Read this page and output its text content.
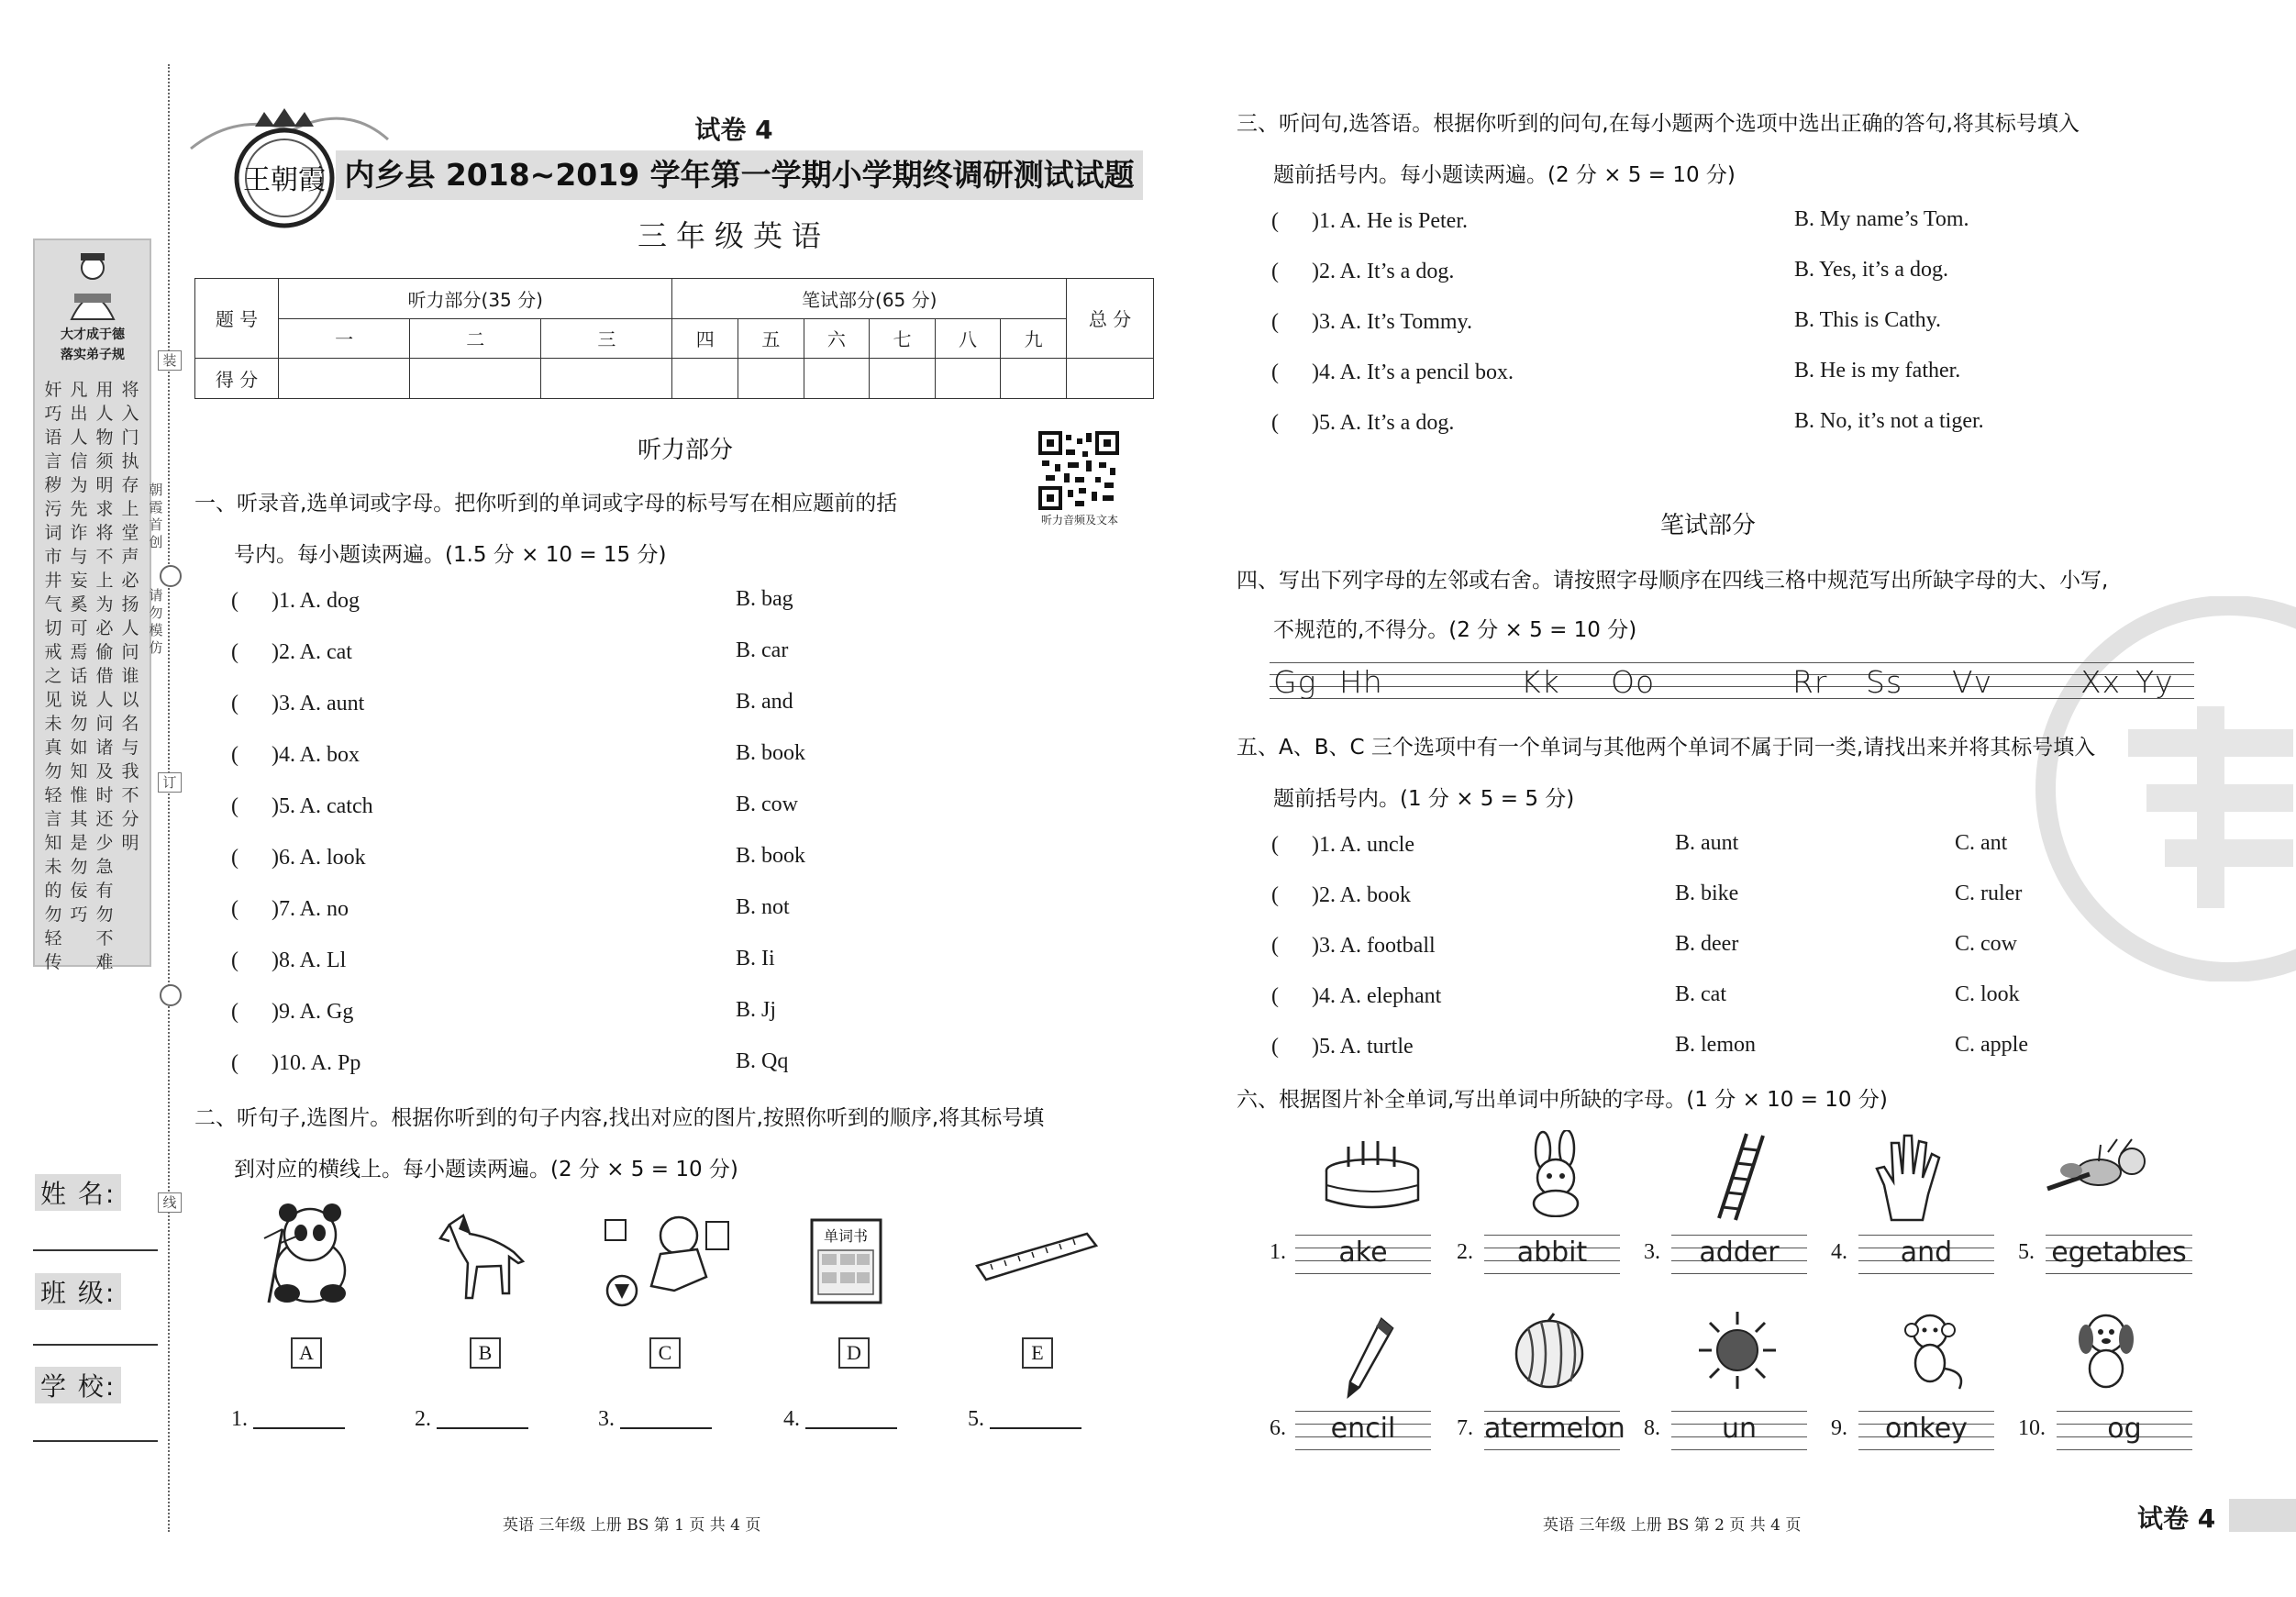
大才成于德
落实弟子规
奸巧语言秽污词市井气切戒之见未真勿轻言知未的勿轻传
凡出人信为先诈与妄奚可焉话说勿如知惟其是勿佞巧
用人物须明求将不上为必偷借人问诸及时还少急有勿不难
将入门执存上堂声必扬人问谁以名与我不分明
朝霞首创
请勿模仿
姓 名:
班 级:
学 校:
装
订
线
王朝霞
试卷 4
内乡县 2018~2019 学年第一学期小学期终调研测试试题
三年级英语
题 号	听力部分(35 分)			笔试部分(65 分)						总 分
	一	二	三	四	五	六	七	八	九	
得 分										
听力部分
听力音频及文本
一、听录音,选单词或字母。把你听到的单词或字母的标号写在相应题前的括
号内。每小题读两遍。(1.5 分 × 10 = 15 分)
(      )1. A. dog	B. bag
(      )2. A. cat	B. car
(      )3. A. aunt	B. and
(      )4. A. box	B. book
(      )5. A. catch	B. cow
(      )6. A. look	B. book
(      )7. A. no	B. not
(      )8. A. Ll	B. Ii
(      )9. A. Gg	B. Jj
(      )10. A. Pp	B. Qq
二、听句子,选图片。根据你听到的句子内容,找出对应的图片,按照你听到的顺序,将其标号填
到对应的横线上。每小题读两遍。(2 分 × 5 = 10 分)
单词书
A	B	C	D	E
1.	2.	3.	4.	5.
英语 三年级 上册 BS 第 1 页 共 4 页
三、听问句,选答语。根据你听到的问句,在每小题两个选项中选出正确的答句,将其标号填入
题前括号内。每小题读两遍。(2 分 × 5 = 10 分)
(      )1. A. He is Peter.	B. My name’s Tom.
(      )2. A. It’s a dog.	B. Yes, it’s a dog.
(      )3. A. It’s Tommy.	B. This is Cathy.
(      )4. A. It’s a pencil box.	B. He is my father.
(      )5. A. It’s a dog.	B. No, it’s not a tiger.
笔试部分
四、写出下列字母的左邻或右舍。请按照字母顺序在四线三格中规范写出所缺字母的大、小写,
不规范的,不得分。(2 分 × 5 = 10 分)
Gg Hh	Kk Oo	Rr Ss Vv	Xx Yy
五、A、B、C 三个选项中有一个单词与其他两个单词不属于同一类,请找出来并将其标号填入
题前括号内。(1 分 × 5 = 5 分)
(      )1. A. uncle	B. aunt	C. ant
(      )2. A. book	B. bike	C. ruler
(      )3. A. football	B. deer	C. cow
(      )4. A. elephant	B. cat	C. look
(      )5. A. turtle	B. lemon	C. apple
六、根据图片补全单词,写出单词中所缺的字母。(1 分 × 10 = 10 分)
1.	ake	2.	abbit	3.	adder	4.	and	5. egetables
6.	encil	7. atermelon 8.	un	9.	onkey	10.	og
英语 三年级 上册 BS 第 2 页 共 4 页	试卷 4
